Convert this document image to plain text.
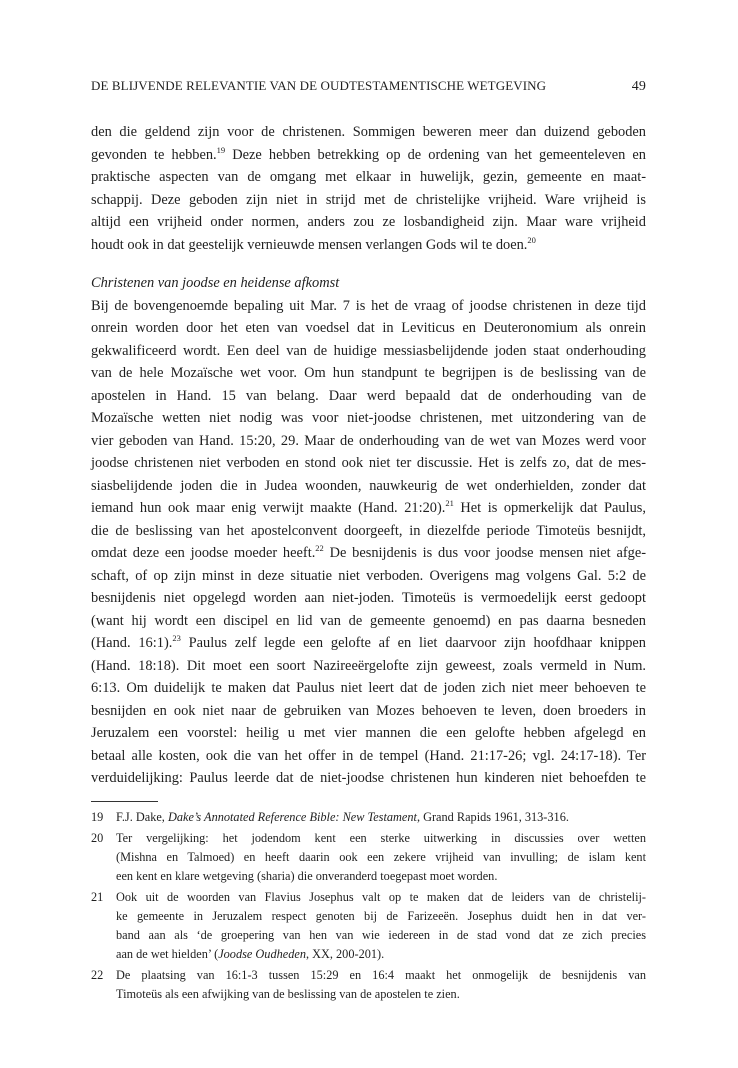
DE BLIJVENDE RELEVANTIE VAN DE OUDTESTAMENTISCHE WETGEVING	49
den die geldend zijn voor de christenen. Sommigen beweren meer dan duizend geboden
gevonden te hebben.$^{19}$ Deze hebben betrekking op de ordening van het gemeenteleven en
praktische aspecten van de omgang met elkaar in huwelijk, gezin, gemeente en maat-
schappij. Deze geboden zijn niet in strijd met de christelijke vrijheid. Ware vrijheid is
altijd een vrijheid onder normen, anders zou ze losbandigheid zijn. Maar ware vrijheid
houdt ook in dat geestelijk vernieuwde mensen verlangen Gods wil te doen.$^{20}$
Christenen van joodse en heidense afkomst
Bij de bovengenoemde bepaling uit Mar. 7 is het de vraag of joodse christenen in deze tijd
onrein worden door het eten van voedsel dat in Leviticus en Deuteronomium als onrein
gekwalificeerd wordt. Een deel van de huidige messiasbelijdende joden staat onderhouding
van de hele Mozaïsche wet voor. Om hun standpunt te begrijpen is de beslissing van de
apostelen in Hand. 15 van belang. Daar werd bepaald dat de onderhouding van de
Mozaïsche wetten niet nodig was voor niet-joodse christenen, met uitzondering van de
vier geboden van Hand. 15:20, 29. Maar de onderhouding van de wet van Mozes werd voor
joodse christenen niet verboden en stond ook niet ter discussie. Het is zelfs zo, dat de mes-
siasbelijdende joden die in Judea woonden, nauwkeurig de wet onderhielden, zonder dat
iemand hun ook maar enig verwijt maakte (Hand. 21:20).$^{21}$ Het is opmerkelijk dat Paulus,
die de beslissing van het apostelconvent doorgeeft, in diezelfde periode Timoteüs besnijdt,
omdat deze een joodse moeder heeft.$^{22}$ De besnijdenis is dus voor joodse mensen niet afge-
schaft, of op zijn minst in deze situatie niet verboden. Overigens mag volgens Gal. 5:2 de
besnijdenis niet opgelegd worden aan niet-joden. Timoteüs is vermoedelijk eerst gedoopt
(want hij wordt een discipel en lid van de gemeente genoemd) en pas daarna besneden
(Hand. 16:1).$^{23}$ Paulus zelf legde een gelofte af en liet daarvoor zijn hoofdhaar knippen
(Hand. 18:18). Dit moet een soort Nazireeërgelofte zijn geweest, zoals vermeld in Num.
6:13. Om duidelijk te maken dat Paulus niet leert dat de joden zich niet meer behoeven te
besnijden en ook niet naar de gebruiken van Mozes behoeven te leven, doen broeders in
Jeruzalem een voorstel: heilig u met vier mannen die een gelofte hebben afgelegd en
betaal alle kosten, ook die van het offer in de tempel (Hand. 21:17-26; vgl. 24:17-18). Ter
verduidelijking: Paulus leerde dat de niet-joodse christenen hun kinderen niet behoefden te
19	F.J. Dake, Dake’s Annotated Reference Bible: New Testament, Grand Rapids 1961, 313-316.
20	Ter vergelijking: het jodendom kent een sterke uitwerking in discussies over wetten
(Mishna en Talmoed) en heeft daarin ook een zekere vrijheid van invulling; de islam kent
een kent en klare wetgeving (sharia) die onveranderd toegepast moet worden.
21	Ook uit de woorden van Flavius Josephus valt op te maken dat de leiders van de christelij-
ke gemeente in Jeruzalem respect genoten bij de Farizeeën. Josephus duidt hen in dat ver-
band aan als ‘de groepering van hen van wie iedereen in de stad vond dat ze zich precies
aan de wet hielden’ (Joodse Oudheden, XX, 200-201).
22	De plaatsing van 16:1-3 tussen 15:29 en 16:4 maakt het onmogelijk de besnijdenis van
Timoteüs als een afwijking van de beslissing van de apostelen te zien.
